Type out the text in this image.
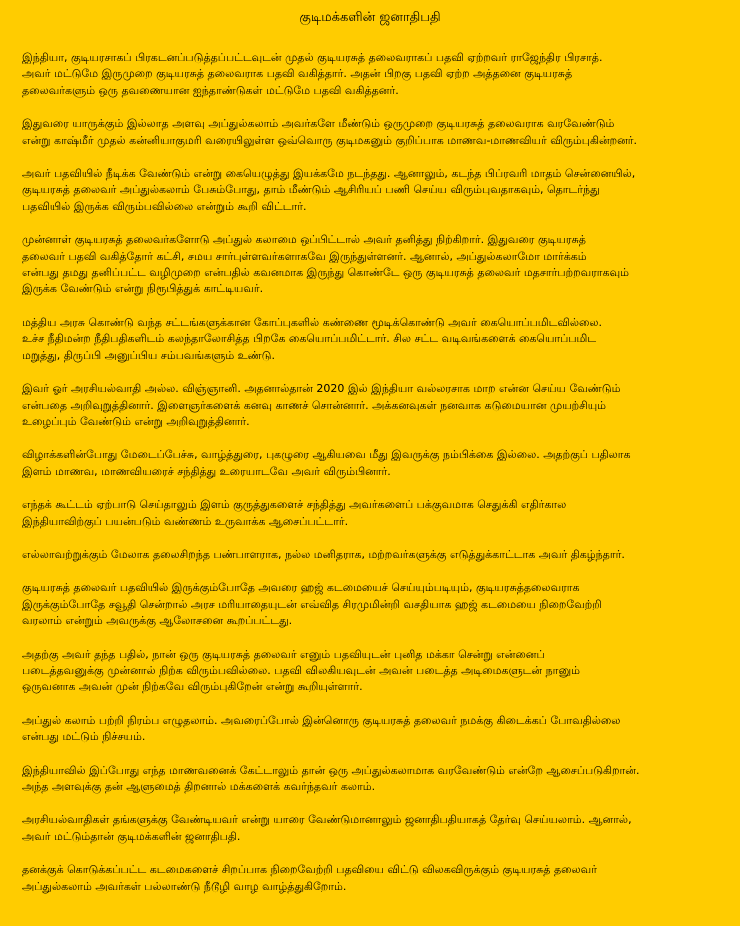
குடிமக்களின் ஜனாதிபதி

இந்தியா, குடியரசாகப் பிரகடனப்படுத்தப்பட்டவுடன் முதல் குடியரசுத் தலைவராகப் பதவி ஏற்றவர் ராஜேந்திர பிரசாத்.
அவர் மட்டுமே இருமுறை குடியரசுத் தலைவராக பதவி வகித்தார். அதன் பிறகு பதவி ஏற்ற அத்தனை குடியரசுத்
தலைவர்களும் ஒரு தவணையான ஐந்தாண்டுகள் மட்டுமே பதவி வகித்தனர்.

இதுவரை யாருக்கும் இல்லாத அளவு அப்துல்கலாம் அவர்களே மீண்டும் ஒருமுறை குடியரசுத் தலைவராக வரவேண்டும்
என்று காஷ்மீர் முதல் கன்னியாகுமரி வரையிலுள்ள ஒவ்வொரு குடிமகனும் குறிப்பாக மாணவ-மாணவியர் விரும்புகின்றனர்.

அவர் பதவியில் நீடிக்க வேண்டும் என்று கையெழுத்து இயக்கமே நடந்தது. ஆனாலும், கடந்த பிப்ரவரி மாதம் சென்னையில்,
குடியரசுத் தலைவர் அப்துல்கலாம் பேசும்போது, தாம் மீண்டும் ஆசிரியப் பணி செய்ய விரும்புவதாகவும், தொடர்ந்து
பதவியில் இருக்க விரும்பவில்லை என்றும் கூறி விட்டார்.

முன்னாள் குடியரசுத் தலைவர்களோடு அப்துல் கலாமை ஒப்பிட்டால் அவர் தனித்து நிற்கிறார். இதுவரை குடியரசுத்
தலைவர் பதவி வகித்தோர் கட்சி, சமய சார்புள்ளவர்களாகவே இருந்துள்ளனர். ஆனால், அப்துல்கலாமோ மார்க்கம்
என்பது தமது தனிப்பட்ட வழிமுறை என்பதில் கவனமாக இருந்து கொண்டே ஒரு குடியரசுத் தலைவர் மதசார்பற்றவராகவும்
இருக்க வேண்டும் என்று நிரூபித்துக் காட்டியவர்.

மத்திய அரசு கொண்டு வந்த சட்டங்களுக்கான கோப்புகளில் கண்ணை மூடிக்கொண்டு அவர் கையொப்பமிடவில்லை.
உச்ச நீதிமன்ற நீதிபதிகளிடம் கலந்தாலோசித்த பிறகே கையொப்பமிட்டார். சில சட்ட வடிவங்களைக் கையொப்பமிட
மறுத்து, திருப்பி அனுப்பிய சம்பவங்களும் உண்டு.

இவர் ஓர் அரசியல்வாதி அல்ல. விஞ்ஞானி. அதனால்தான் 2020 இல் இந்தியா வல்லரசாக மாற என்ன செய்ய வேண்டும்
என்பதை அறிவுறுத்தினார். இளைஞர்களைக் கனவு காணச் சொன்னார். அக்கனவுகள் நனவாக கடுமையான முயற்சியும்
உழைப்பும் வேண்டும் என்று அறிவுறுத்தினார்.

விழாக்களின்போது மேடைப்பேச்சு, வாழ்த்துரை, புகழுரை ஆகியவை மீது இவருக்கு நம்பிக்கை இல்லை. அதற்குப் பதிலாக
இளம் மாணவ, மாணவியரைச் சந்தித்து உரையாடவே அவர் விரும்பினார்.

எந்தக் கூட்டம் ஏற்பாடு செய்தாலும் இளம் குருத்துகளைச் சந்தித்து அவர்களைப் பக்குவமாக செதுக்கி எதிர்கால
இந்தியாவிற்குப் பயன்படும் வண்ணம் உருவாக்க ஆசைப்பட்டார்.

எல்லாவற்றுக்கும் மேலாக தலைசிறந்த பண்பாளராக, நல்ல மனிதராக, மற்றவர்களுக்கு எடுத்துக்காட்டாக அவர் திகழ்ந்தார்.

குடியரசுத் தலைவர் பதவியில் இருக்கும்போதே அவரை ஹஜ் கடமையைச் செய்யும்படியும், குடியரசுத்தலைவராக
இருக்கும்போதே சவூதி சென்றால் அரச மரியாதையுடன் எவ்வித சிரமுமின்றி வசதியாக ஹஜ் கடமையை நிறைவேற்றி
வரலாம் என்றும் அவருக்கு ஆலோசனை கூறப்பட்டது.

அதற்கு அவர் தந்த பதில், நான் ஒரு குடியரசுத் தலைவர் எனும் பதவியுடன் புனித மக்கா சென்று என்னைப்
படைத்தவனுக்கு முன்னால் நிற்க விரும்பவில்லை. பதவி விலகியவுடன் அவன் படைத்த அடிமைகளுடன் நானும்
ஒருவனாக அவன் முன் நிற்கவே விரும்புகிறேன் என்று கூறியுள்ளார்.

அப்துல் கலாம் பற்றி நிரம்ப எழுதலாம். அவரைப்போல் இன்னொரு குடியரசுத் தலைவர் நமக்கு கிடைக்கப் போவதில்லை
என்பது மட்டும் நிச்சயம்.

இந்தியாவில் இப்போது எந்த மாணவனைக் கேட்டாலும் தான் ஒரு அப்துல்கலாமாக வரவேண்டும் என்றே ஆசைப்படுகிறான்.
அந்த அளவுக்கு தன் ஆளுமைத் திறனால் மக்களைக் கவர்ந்தவர் கலாம்.

அரசியல்வாதிகள் தங்களுக்கு வேண்டியவர் என்று யாரை வேண்டுமானாலும் ஜனாதிபதியாகத் தேர்வு செய்யலாம். ஆனால்,
அவர் மட்டும்தான் குடிமக்களின் ஜனாதிபதி.

தனக்குக் கொடுக்கப்பட்ட கடமைகளைச் சிறப்பாக நிறைவேற்றி பதவியை விட்டு விலகவிருக்கும் குடியரசுத் தலைவர்
அப்துல்கலாம் அவர்கள் பல்லாண்டு நீடூழி வாழ வாழ்த்துகிறோம்.
